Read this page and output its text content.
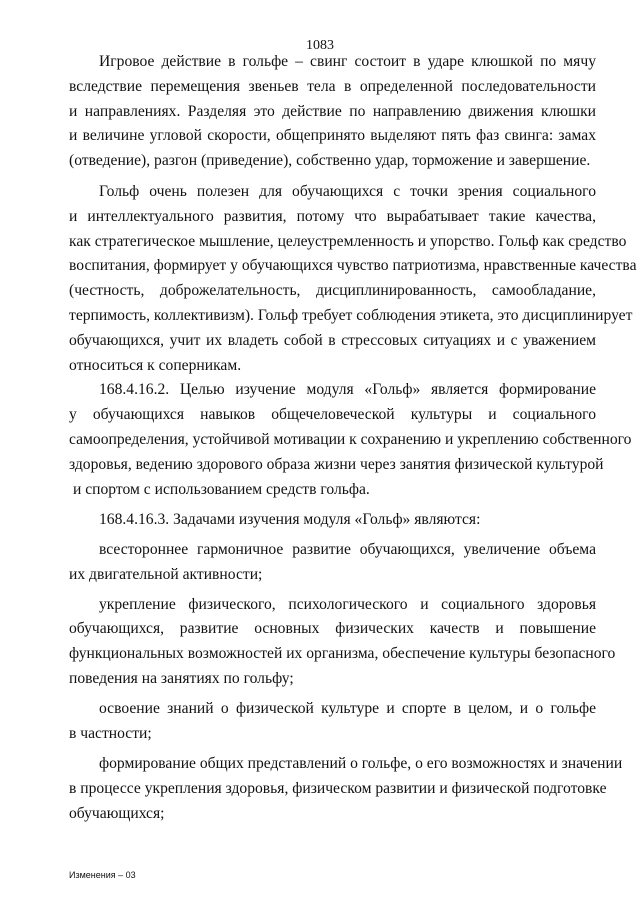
1083
Игровое действие в гольфе – свинг состоит в ударе клюшкой по мячу
вследствие перемещения звеньев тела в определенной последовательности
и направлениях. Разделяя это действие по направлению движения клюшки
и величине угловой скорости, общепринято выделяют пять фаз свинга: замах
(отведение), разгон (приведение), собственно удар, торможение и завершение.
Гольф очень полезен для обучающихся с точки зрения социального
и интеллектуального развития, потому что вырабатывает такие качества,
как стратегическое мышление, целеустремленность и упорство. Гольф как средство
воспитания, формирует у обучающихся чувство патриотизма, нравственные качества
(честность, доброжелательность, дисциплинированность, самообладание,
терпимость, коллективизм). Гольф требует соблюдения этикета, это дисциплинирует
обучающихся, учит их владеть собой в стрессовых ситуациях и с уважением
относиться к соперникам.
168.4.16.2. Целью изучение модуля «Гольф» является формирование
у обучающихся навыков общечеловеческой культуры и социального
самоопределения, устойчивой мотивации к сохранению и укреплению собственного
здоровья, ведению здорового образа жизни через занятия физической культурой
и спортом с использованием средств гольфа.
168.4.16.3. Задачами изучения модуля «Гольф» являются:
всестороннее гармоничное развитие обучающихся, увеличение объема
их двигательной активности;
укрепление физического, психологического и социального здоровья
обучающихся, развитие основных физических качеств и повышение
функциональных возможностей их организма, обеспечение культуры безопасного
поведения на занятиях по гольфу;
освоение знаний о физической культуре и спорте в целом, и о гольфе
в частности;
формирование общих представлений о гольфе, о его возможностях и значении
в процессе укрепления здоровья, физическом развитии и физической подготовке
обучающихся;
Изменения – 03
